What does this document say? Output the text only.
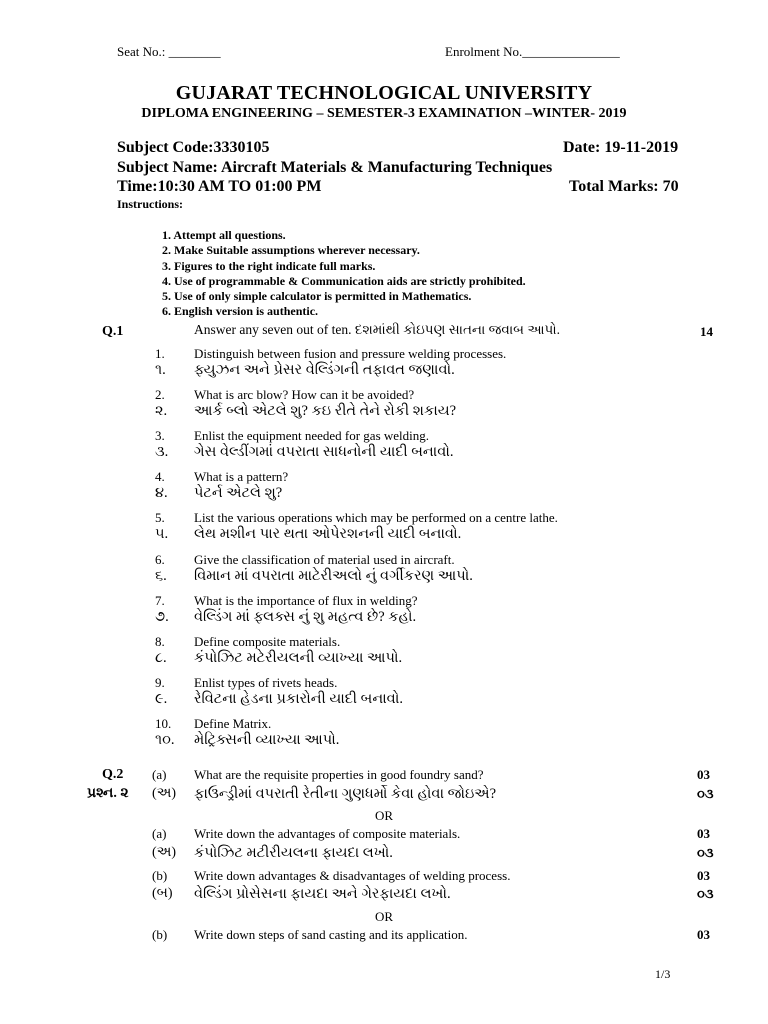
Seat No.: ________	Enrolment No._______________
GUJARAT TECHNOLOGICAL UNIVERSITY
DIPLOMA ENGINEERING – SEMESTER-3 EXAMINATION –WINTER- 2019
Subject Code:3330105	Date: 19-11-2019
Subject Name: Aircraft Materials & Manufacturing Techniques
Time:10:30 AM TO 01:00 PM	Total Marks: 70
Instructions:
1. Attempt all questions.
2. Make Suitable assumptions wherever necessary.
3. Figures to the right indicate full marks.
4. Use of programmable & Communication aids are strictly prohibited.
5. Use of only simple calculator is permitted in Mathematics.
6. English version is authentic.
Q.1	Answer any seven out of ten. દશમાંથી કોઇપણ સાતના જવાબ આપો.	14
1.	Distinguish between fusion and pressure welding processes.
૧.	ફ્યુઝન અને પ્રેસર વેલ્ડિંગની તફાવત જણાવો.
2.	What is arc blow? How can it be avoided?
૨.	આર્ક બ્લો એટલે શુ? કઇ રીતે તેને રોકી શકાય?
3.	Enlist the equipment needed for gas welding.
૩.	ગેસ વેલ્ડીંગમાં વપરાતા સાધનોની યાદી બનાવો.
4.	What is a pattern?
૪.	પેટર્ન એટલે શુ?
5.	List the various operations which may be performed on a centre lathe.
૫.	લેથ મશીન પાર થતા ઓપેરશનની યાદી બનાવો.
6.	Give the classification of material used in aircraft.
૬.	વિમાન માં વપરાતા માટેરીઅલો નું વર્ગીકરણ આપો.
7.	What is the importance of flux in welding?
૭.	વેલ્ડિંગ માં ફ્લક્સ નું શુ મહત્વ છે? કહો.
8.	Define composite materials.
૮.	કંપોઝિટ મટેરીયલની વ્યાખ્યા આપો.
9.	Enlist types of rivets heads.
૯.	રેવિટના હેડના પ્રકારોની યાદી બનાવો.
10.	Define Matrix.
૧૦.	મેટ્રિક્સની વ્યાખ્યા આપો.
Q.2 (a) What are the requisite properties in good foundry sand?	03
પ્રશ્ન. ૨ (અ) ફાઉન્ડ્રીમાં વપરાતી રેતીના ગુણધર્મો કેવા હોવા જોઇએ?	૦૩
OR
(a) Write down the advantages of composite materials.	03
(અ) કંપોઝિટ મટીરીયલના ફાયદા લખો.	૦૩
(b) Write down advantages & disadvantages of welding process.	03
(બ) વેલ્ડિંગ પ્રોસેસના ફાયદા અને ગેરફાયદા લખો.	૦૩
OR
(b) Write down steps of sand casting and its application.	03
1/3
